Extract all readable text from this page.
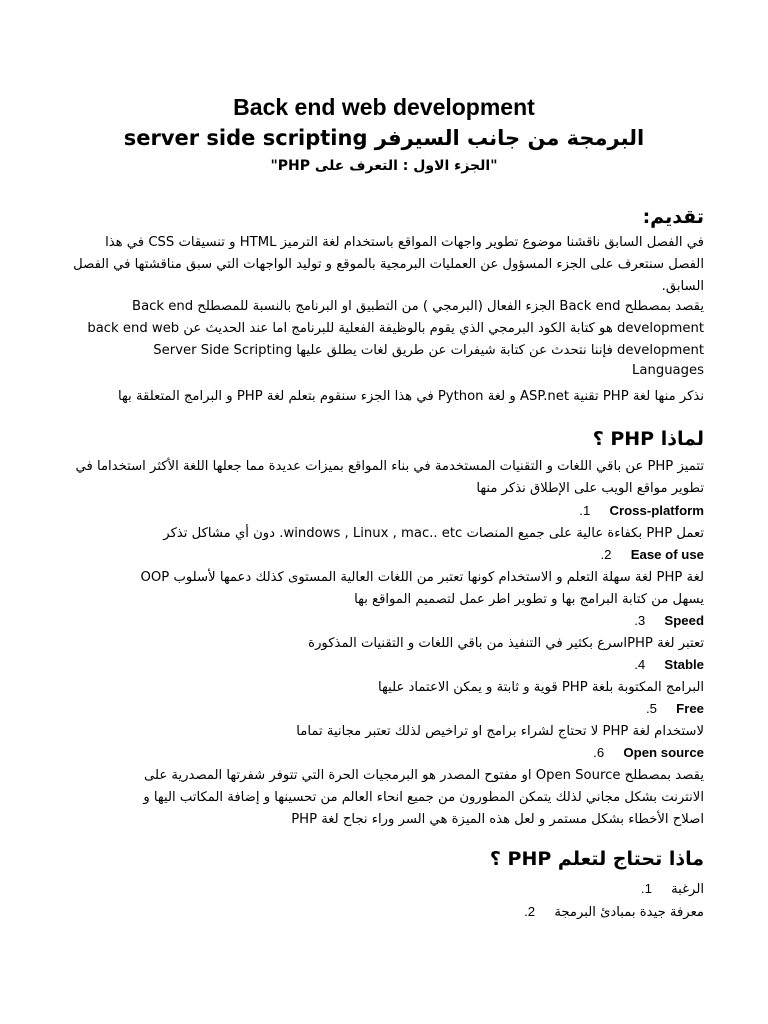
Back end web development
البرمجة من جانب السيرفر server side scripting
"الجزء الاول : التعرف على PHP"
تقديم:
في الفصل السابق ناقشنا موضوع تطوير واجهات المواقع باستخدام لغة الترميز HTML و تنسيقات CSS في هذا
الفصل سنتعرف على الجزء المسؤول عن العمليات البرمجية بالموقع و توليد الواجهات التي سبق مناقشتها في الفصل
السابق.
يقصد بمصطلح Back end الجزء الفعال (البرمجي ) من التطبيق او البرنامج بالنسبة للمصطلح Back end
development هو كتابة الكود البرمجي الذي يقوم بالوظيفة الفعلية للبرنامج اما عند الحديث عن back end web
development فإننا نتحدث عن كتابة شيفرات عن طريق لغات يطلق عليها Server Side Scripting
Languages
نذكر منها لغة PHP تقنية ASP.net و لغة Python في هذا الجزء سنقوم بتعلم لغة PHP و البرامج المتعلقة بها
لماذا PHP ؟
تتميز PHP عن باقي اللغات و التقنيات المستخدمة في بناء المواقع بميزات عديدة مما جعلها اللغة الأكثر استخداما في
تطوير مواقع الويب على الإطلاق نذكر منها
Cross-platform 1.
تعمل PHP بكفاءة عالية على جميع المنصات windows , Linux , mac.. etc. دون أي مشاكل تذكر
Ease of use 2.
لغة PHP لغة سهلة التعلم و الاستخدام كونها تعتبر من اللغات العالية المستوى كذلك دعمها لأسلوب OOP
يسهل من كتابة البرامج بها و تطوير اطر عمل لتصميم المواقع بها
Speed 3.
تعتبر لغة PHPاسرع بكثير في التنفيذ من باقي اللغات و التقنيات المذكورة
Stable 4.
البرامج المكتوبة بلغة PHP قوية و ثابتة و يمكن الاعتماد عليها
Free 5.
لاستخدام لغة PHP لا تحتاج لشراء برامج او تراخيص لذلك تعتبر مجانية تماما
Open source 6.
يقصد بمصطلح Open Source او مفتوح المصدر هو البرمجيات الحرة التي تتوفر شفرتها المصدرية على
الانترنت بشكل مجاني لذلك يتمكن المطورون من جميع انحاء العالم من تحسينها و إضافة المكاتب اليها و
اصلاح الأخطاء بشكل مستمر و لعل هذه الميزة هي السر وراء نجاح لغة PHP
ماذا تحتاج لتعلم PHP ؟
الرغبة 1.
معرفة جيدة بمبادئ البرمجة 2.
